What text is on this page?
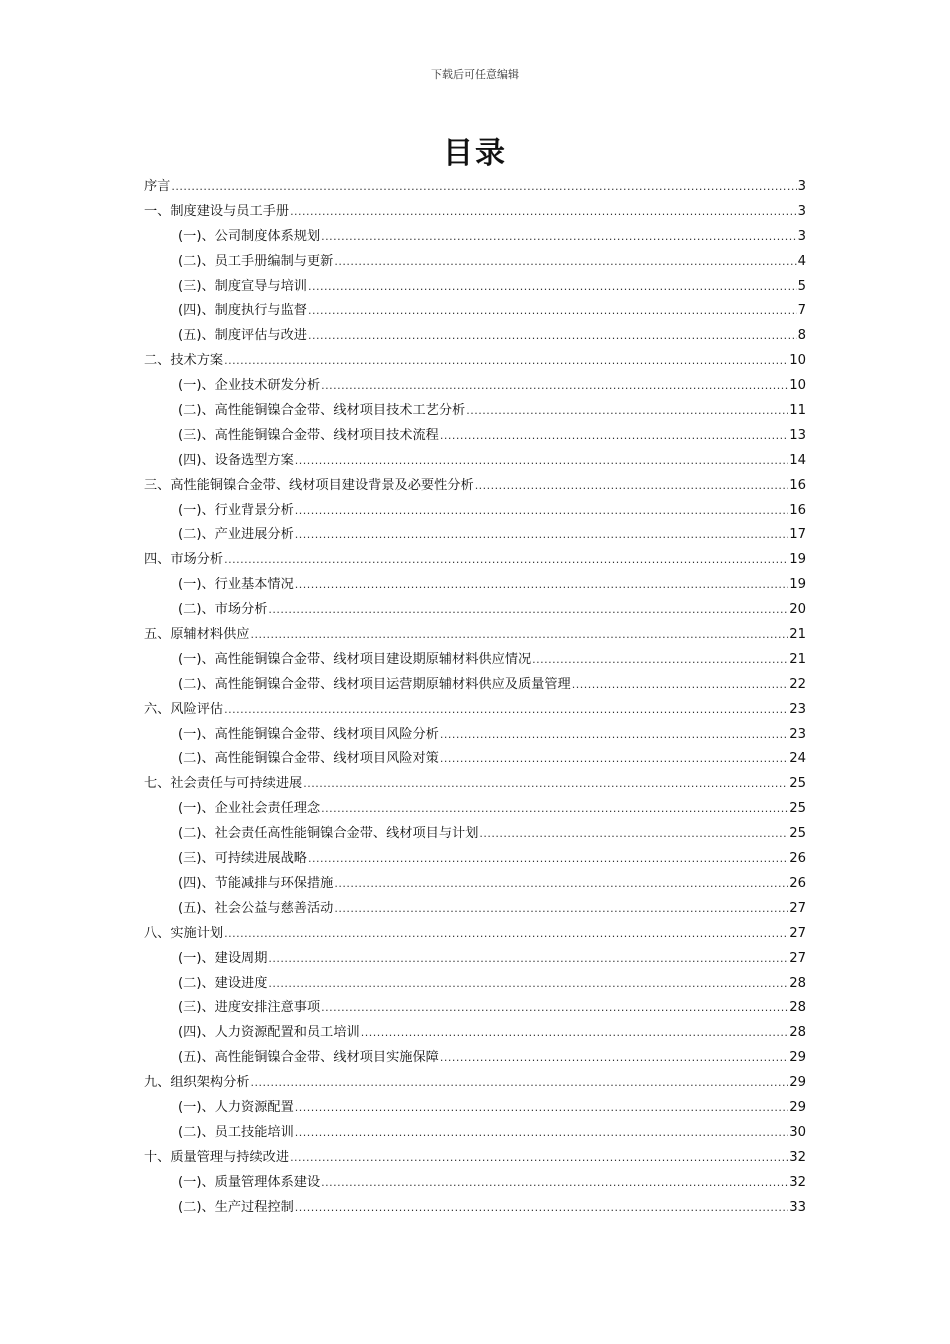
下载后可任意编辑
目录
序言 .....	3
一、制度建设与员工手册 .....	3
(一)、公司制度体系规划 .....	3
(二)、员工手册编制与更新 .....	4
(三)、制度宣导与培训 .....	5
(四)、制度执行与监督 .....	7
(五)、制度评估与改进 .....	8
二、技术方案 .....	10
(一)、企业技术研发分析 .....	10
(二)、高性能铜镍合金带、线材项目技术工艺分析 .....	11
(三)、高性能铜镍合金带、线材项目技术流程 .....	13
(四)、设备选型方案 .....	14
三、高性能铜镍合金带、线材项目建设背景及必要性分析 .....	16
(一)、行业背景分析 .....	16
(二)、产业进展分析 .....	17
四、市场分析 .....	19
(一)、行业基本情况 .....	19
(二)、市场分析 .....	20
五、原辅材料供应 .....	21
(一)、高性能铜镍合金带、线材项目建设期原辅材料供应情况 .....	21
(二)、高性能铜镍合金带、线材项目运营期原辅材料供应及质量管理 .....	22
六、风险评估 .....	23
(一)、高性能铜镍合金带、线材项目风险分析 .....	23
(二)、高性能铜镍合金带、线材项目风险对策 .....	24
七、社会责任与可持续进展 .....	25
(一)、企业社会责任理念 .....	25
(二)、社会责任高性能铜镍合金带、线材项目与计划 .....	25
(三)、可持续进展战略 .....	26
(四)、节能减排与环保措施 .....	26
(五)、社会公益与慈善活动 .....	27
八、实施计划 .....	27
(一)、建设周期 .....	27
(二)、建设进度 .....	28
(三)、进度安排注意事项 .....	28
(四)、人力资源配置和员工培训 .....	28
(五)、高性能铜镍合金带、线材项目实施保障 .....	29
九、组织架构分析 .....	29
(一)、人力资源配置 .....	29
(二)、员工技能培训 .....	30
十、质量管理与持续改进 .....	32
(一)、质量管理体系建设 .....	32
(二)、生产过程控制 .....	33
